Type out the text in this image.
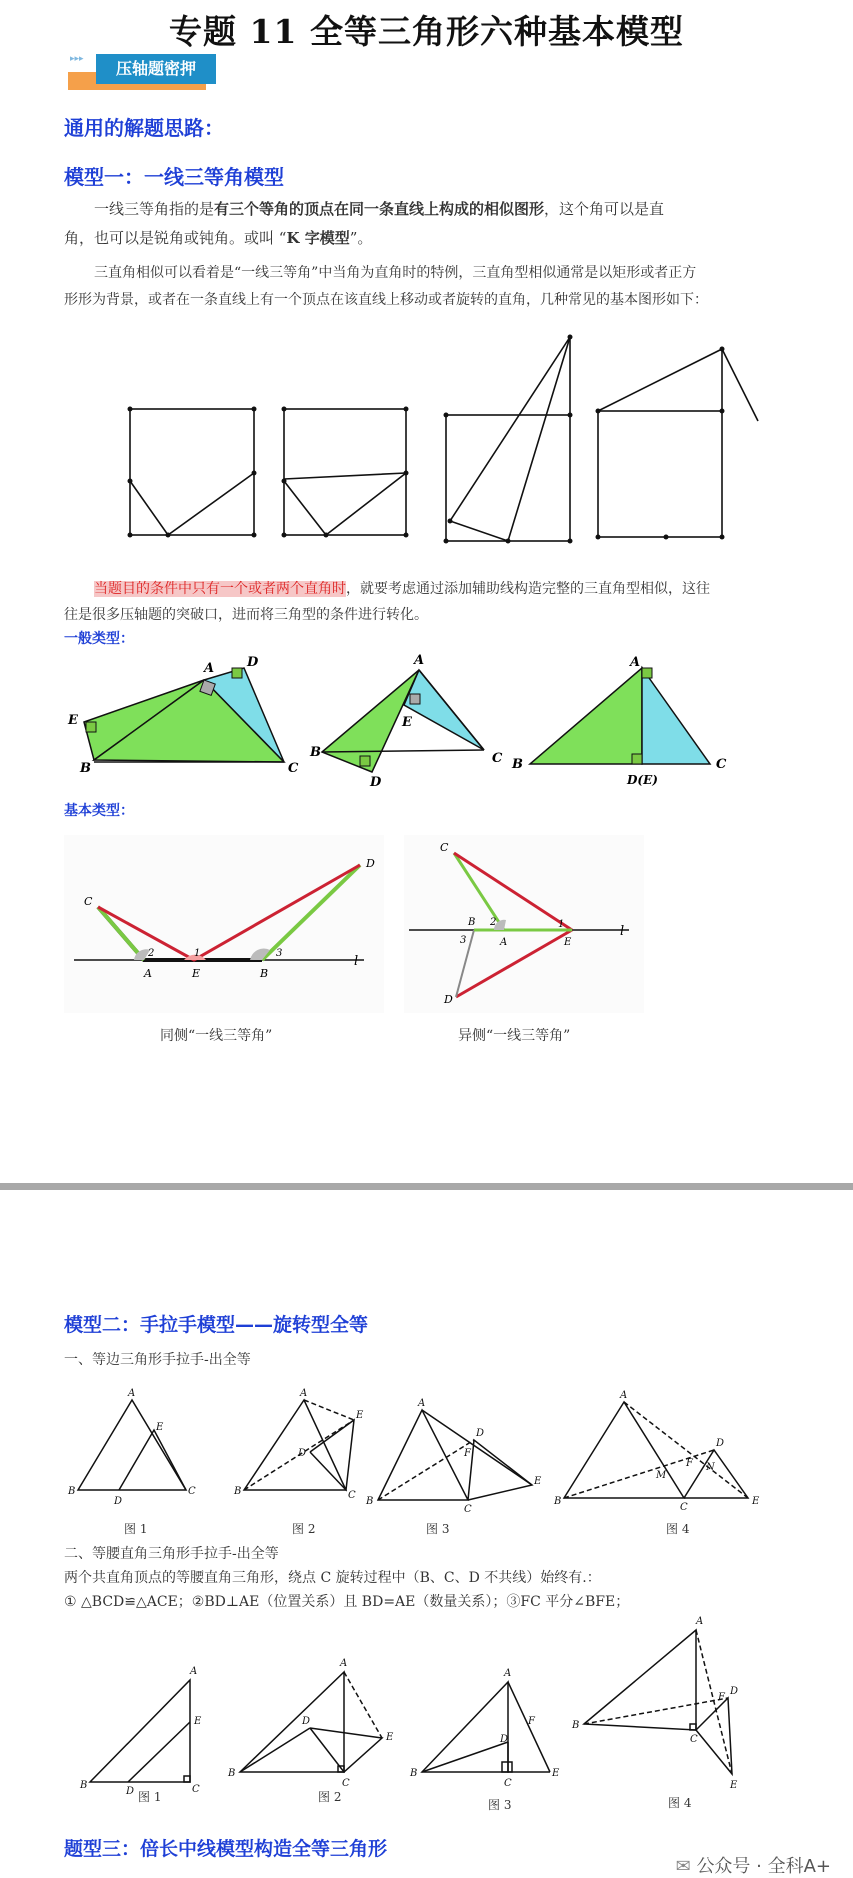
专题 11 全等三角形六种基本模型
▸▸▸	压轴题密押
通用的解题思路：
模型一：一线三等角模型
一线三等角指的是有三个等角的顶点在同一条直线上构成的相似图形，这个角可以是直
角，也可以是锐角或钝角。或叫 “K 字模型”。
三直角相似可以看着是“一线三等角”中当角为直角时的特例，三直角型相似通常是以矩形或者正方
形形为背景，或者在一条直线上有一个顶点在该直线上移动或者旋转的直角，几种常见的基本图形如下：
当题目的条件中只有一个或者两个直角时，就要考虑通过添加辅助线构造完整的三直角型相似，这往
往是很多压轴题的突破口，进而将三角型的条件进行转化。
一般类型：
A	D
E
B	C
A
E
B	C
D
A
B	C
D(E)
基本类型：
C
D
A	E	B
l
2	1	3
C
B
A	E
D
l
2	1
3
同侧“一线三等角”	异侧“一线三等角”
模型二：手拉手模型——旋转型全等
一、等边三角形手拉手-出全等
A
B
D
C
E
A
B	C
E
D
A
B
C
D
E
F
A
B
C
D
E
F
M
N
图 1	图 2	图 3	图 4
二、等腰直角三角形手拉手-出全等
两个共直角顶点的等腰直角三角形，绕点 C 旋转过程中（B、C、D 不共线）始终有.：
① △BCD≌△ACE；②BD⊥AE（位置关系）且 BD=AE（数量关系）；③FC 平分∠BFE；
A
B
D	C
E
A
B
C
D
E
A
B
C
D
E
F
A
B
C
D
E
F
图 1	图 2
图 3	图 4
题型三：倍长中线模型构造全等三角形
✉ 公众号 · 全科A+
